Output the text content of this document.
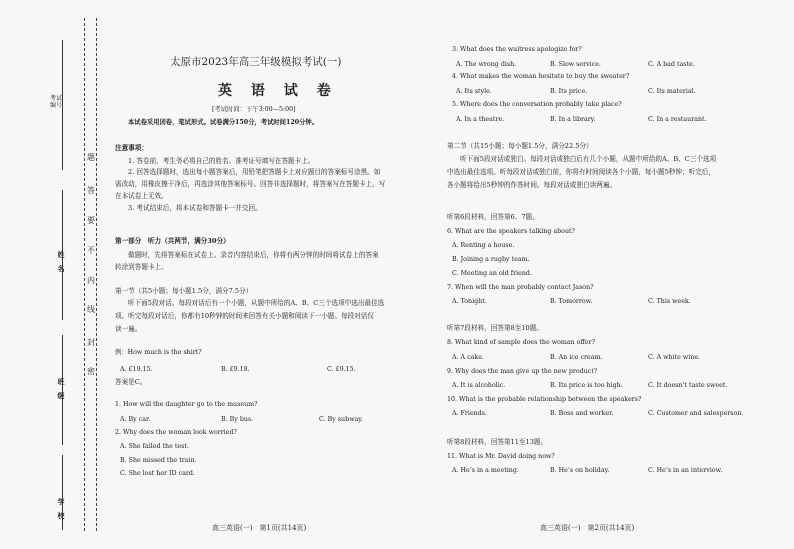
考试编号
姓名
班级
学校
题
答
要
不
内
线
封
密
太原市2023年高三年级模拟考试(一)
英 语 试 卷
[考试时间：下午3:00—5:00]
本试卷采用闭卷、笔试形式。试卷满分150分，考试时间120分钟。
注意事项：
1. 答卷前，考生务必将自己的姓名、准考证号填写在答题卡上。
2. 回答选择题时，选出每小题答案后，用铅笔把答题卡上对应题目的答案标号涂黑。如
需改动，用橡皮擦干净后，再选涂其他答案标号。回答非选择题时，将答案写在答题卡上，写
在本试卷上无效。
3. 考试结束后，将本试卷和答题卡一并交回。
第一部分　听力（共两节，满分30分）
做题时，先将答案标在试卷上。录音内容结束后，你将有两分钟的时间将试卷上的答案
转涂到答题卡上。
第一节（共5小题；每小题1.5分，满分7.5分）
听下面5段对话。每段对话后有一个小题，从题中所给的A、B、C三个选项中选出最佳选
项。听完每段对话后，你都有10秒钟的时间来回答有关小题和阅读下一小题。每段对话仅
读一遍。
例：How much is the shirt?
A. £19.15.	B. £9.18.	C. £9.15.
答案是C。
1. How will the daughter go to the museum?
A. By car.	B. By bus.	C. By subway.
2. Why does the woman look worried?
A. She failed the test.
B. She missed the train.
C. She lost her ID card.
高三英语(一)　第1页(共14页)
3. What does the waitress apologize for?
A. The wrong dish.	B. Slow service.	C. A bad taste.
4. What makes the woman hesitate to buy the sweater?
A. Its style.	B. Its price.	C. Its material.
5. Where does the conversation probably take place?
A. In a theatre.	B. In a library.	C. In a restaurant.
第二节（共15小题；每小题1.5分，满分22.5分）
听下面5段对话或独白。每段对话或独白后有几个小题，从题中所给的A、B、C三个选项
中选出最佳选项。听每段对话或独白前，你将有时间阅读各个小题，每小题5秒钟；听完后，
各小题将给出5秒钟的作答时间。每段对话或独白读两遍。
听第6段材料，回答第6、7题。
6. What are the speakers talking about?
A. Renting a house.
B. Joining a rugby team.
C. Meeting an old friend.
7. When will the man probably contact Jason?
A. Tonight.	B. Tomorrow.	C. This week.
听第7段材料，回答第8至10题。
8. What kind of sample does the woman offer?
A. A cake.	B. An ice cream.	C. A white wine.
9. Why does the man give up the new product?
A. It is alcoholic.	B. Its price is too high.	C. It doesn’t taste sweet.
10. What is the probable relationship between the speakers?
A. Friends.	B. Boss and worker.	C. Customer and salesperson.
听第8段材料，回答第11至13题。
11. What is Mr. David doing now?
A. He’s in a meeting.	B. He’s on holiday.	C. He’s in an interview.
高三英语(一)　第2页(共14页)
